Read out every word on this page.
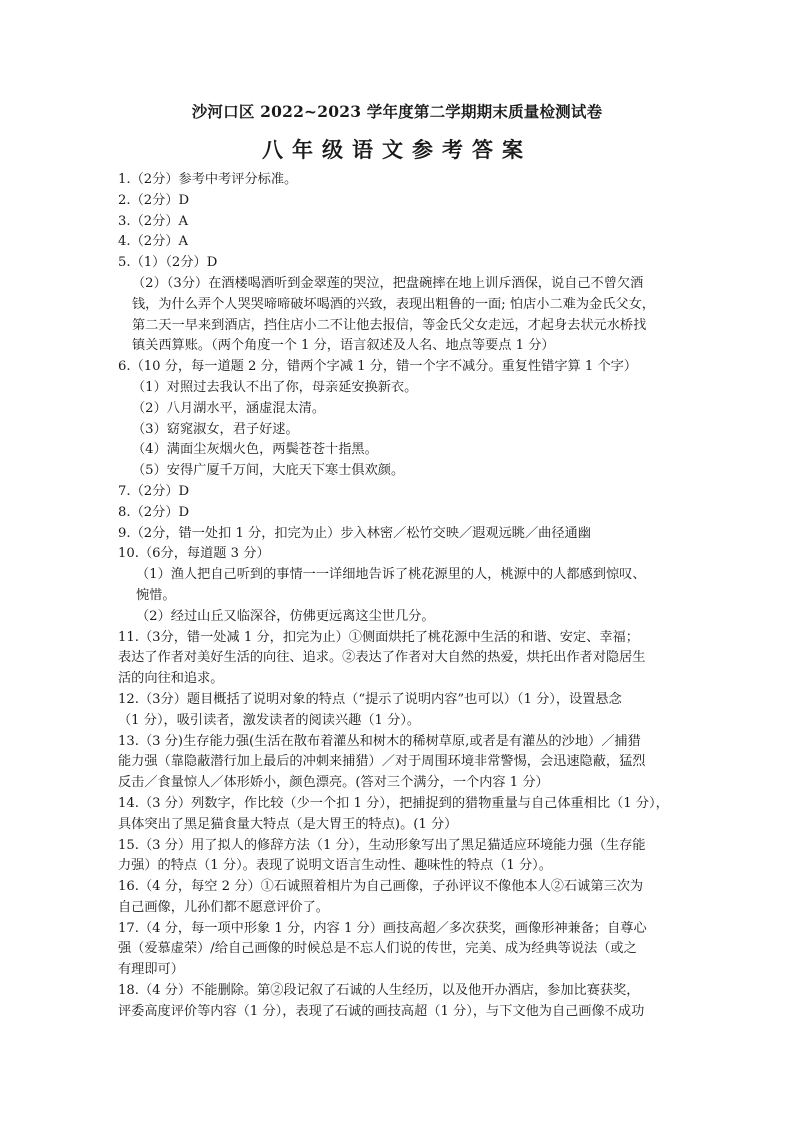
沙河口区 2022~2023 学年度第二学期期末质量检测试卷
八年级语文参考答案
1.（2分）参考中考评分标准。
2.（2分）D
3.（2分）A
4.（2分）A
5.（1）（2分）D
（2）（3分）在酒楼喝酒听到金翠莲的哭泣，把盘碗摔在地上训斥酒保，说自己不曾欠酒
钱，为什么弄个人哭哭啼啼破坏喝酒的兴致，表现出粗鲁的一面; 怕店小二难为金氏父女，
第二天一早来到酒店，挡住店小二不让他去报信，等金氏父女走远，才起身去状元水桥找
镇关西算账。（两个角度一个 1 分，语言叙述及人名、地点等要点 1 分）
6.（10 分，每一道题 2 分，错两个字减 1 分，错一个字不减分。重复性错字算 1 个字）
（1）对照过去我认不出了你，母亲延安换新衣。
（2）八月湖水平，涵虚混太清。
（3）窈窕淑女，君子好逑。
（4）满面尘灰烟火色，两鬓苍苍十指黑。
（5）安得广厦千万间，大庇天下寒士俱欢颜。
7.（2分）D
8.（2分）D
9.（2分，错一处扣 1 分，扣完为止）步入林密／松竹交映／遐观远眺／曲径通幽
10.（6分，每道题 3 分）
（1）渔人把自己听到的事情一一详细地告诉了桃花源里的人，桃源中的人都感到惊叹、
惋惜。
（2）经过山丘又临深谷，仿佛更远离这尘世几分。
11.（3分，错一处减 1 分，扣完为止）①侧面烘托了桃花源中生活的和谐、安定、幸福；
表达了作者对美好生活的向往、追求。②表达了作者对大自然的热爱，烘托出作者对隐居生
活的向往和追求。
12.（3分）题目概括了说明对象的特点（“提示了说明内容”也可以）（1 分），设置悬念
（1 分），吸引读者，激发读者的阅读兴趣（1 分）。
13.（3 分)生存能力强(生活在散布着灌丛和树木的稀树草原,或者是有灌丛的沙地）／捕猎
能力强（靠隐蔽潜行加上最后的冲刺来捕猎）／对于周围环境非常警惕，会迅速隐蔽，猛烈
反击／食量惊人／体形娇小，颜色漂亮。(答对三个满分，一个内容 1 分）
14.（3 分）列数字，作比较（少一个扣 1 分），把捕捉到的猎物重量与自己体重相比（1 分），
具体突出了黑足猫食量大特点（是大胃王的特点)。(1 分）
15.（3 分）用了拟人的修辞方法（1 分），生动形象写出了黑足猫适应环境能力强（生存能
力强）的特点（1 分）。表现了说明文语言生动性、趣味性的特点（1 分）。
16.（4 分，每空 2 分）①石诚照着相片为自己画像，子孙评议不像他本人②石诚第三次为
自己画像，儿孙们都不愿意评价了。
17.（4 分，每一项中形象 1 分，内容 1 分）画技高超／多次获奖，画像形神兼备；自尊心
强（爱慕虚荣）/给自己画像的时候总是不忘人们说的传世，完美、成为经典等说法（或之
有理即可）
18.（4 分）不能删除。第②段记叙了石诚的人生经历，以及他开办酒店，参加比赛获奖，
评委高度评价等内容（1 分），表现了石诚的画技高超（1 分），与下文他为自己画像不成功
